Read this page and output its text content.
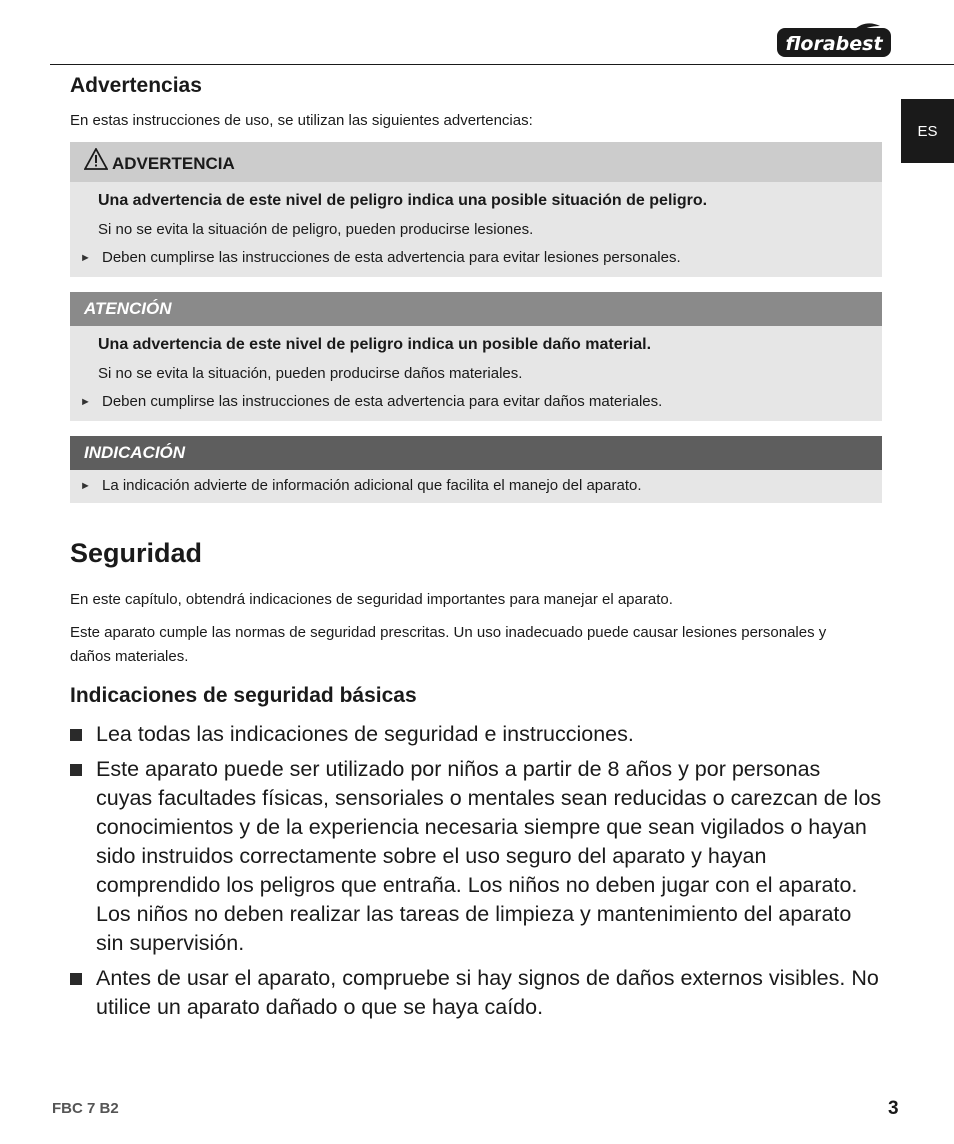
florabest
ES
Advertencias

En estas instrucciones de uso, se utilizan las siguientes advertencias:

ADVERTENCIA
Una advertencia de este nivel de peligro indica una posible situación de peligro.
Si no se evita la situación de peligro, pueden producirse lesiones.
► Deben cumplirse las instrucciones de esta advertencia para evitar lesiones personales.
ATENCIÓN
Una advertencia de este nivel de peligro indica un posible daño material.
Si no se evita la situación, pueden producirse daños materiales.
► Deben cumplirse las instrucciones de esta advertencia para evitar daños materiales.
INDICACIÓN
► La indicación advierte de información adicional que facilita el manejo del aparato.
Seguridad

En este capítulo, obtendrá indicaciones de seguridad importantes para manejar el aparato.

Este aparato cumple las normas de seguridad prescritas. Un uso inadecuado puede causar lesiones personales y daños materiales.

Indicaciones de seguridad básicas
Lea todas las indicaciones de seguridad e instrucciones.
Este aparato puede ser utilizado por niños a partir de 8 años y por personas cuyas facultades físicas, sensoriales o mentales sean reducidas o carezcan de los conocimientos y de la experiencia necesaria siempre que sean vigilados o hayan sido instruidos correctamente sobre el uso seguro del aparato y hayan comprendido los peligros que entraña. Los niños no deben jugar con el aparato. Los niños no deben realizar las tareas de limpieza y mantenimiento del aparato sin supervisión.
Antes de usar el aparato, compruebe si hay signos de daños externos visibles. No utilice un aparato dañado o que se haya caído.
FBC 7 B2	3
